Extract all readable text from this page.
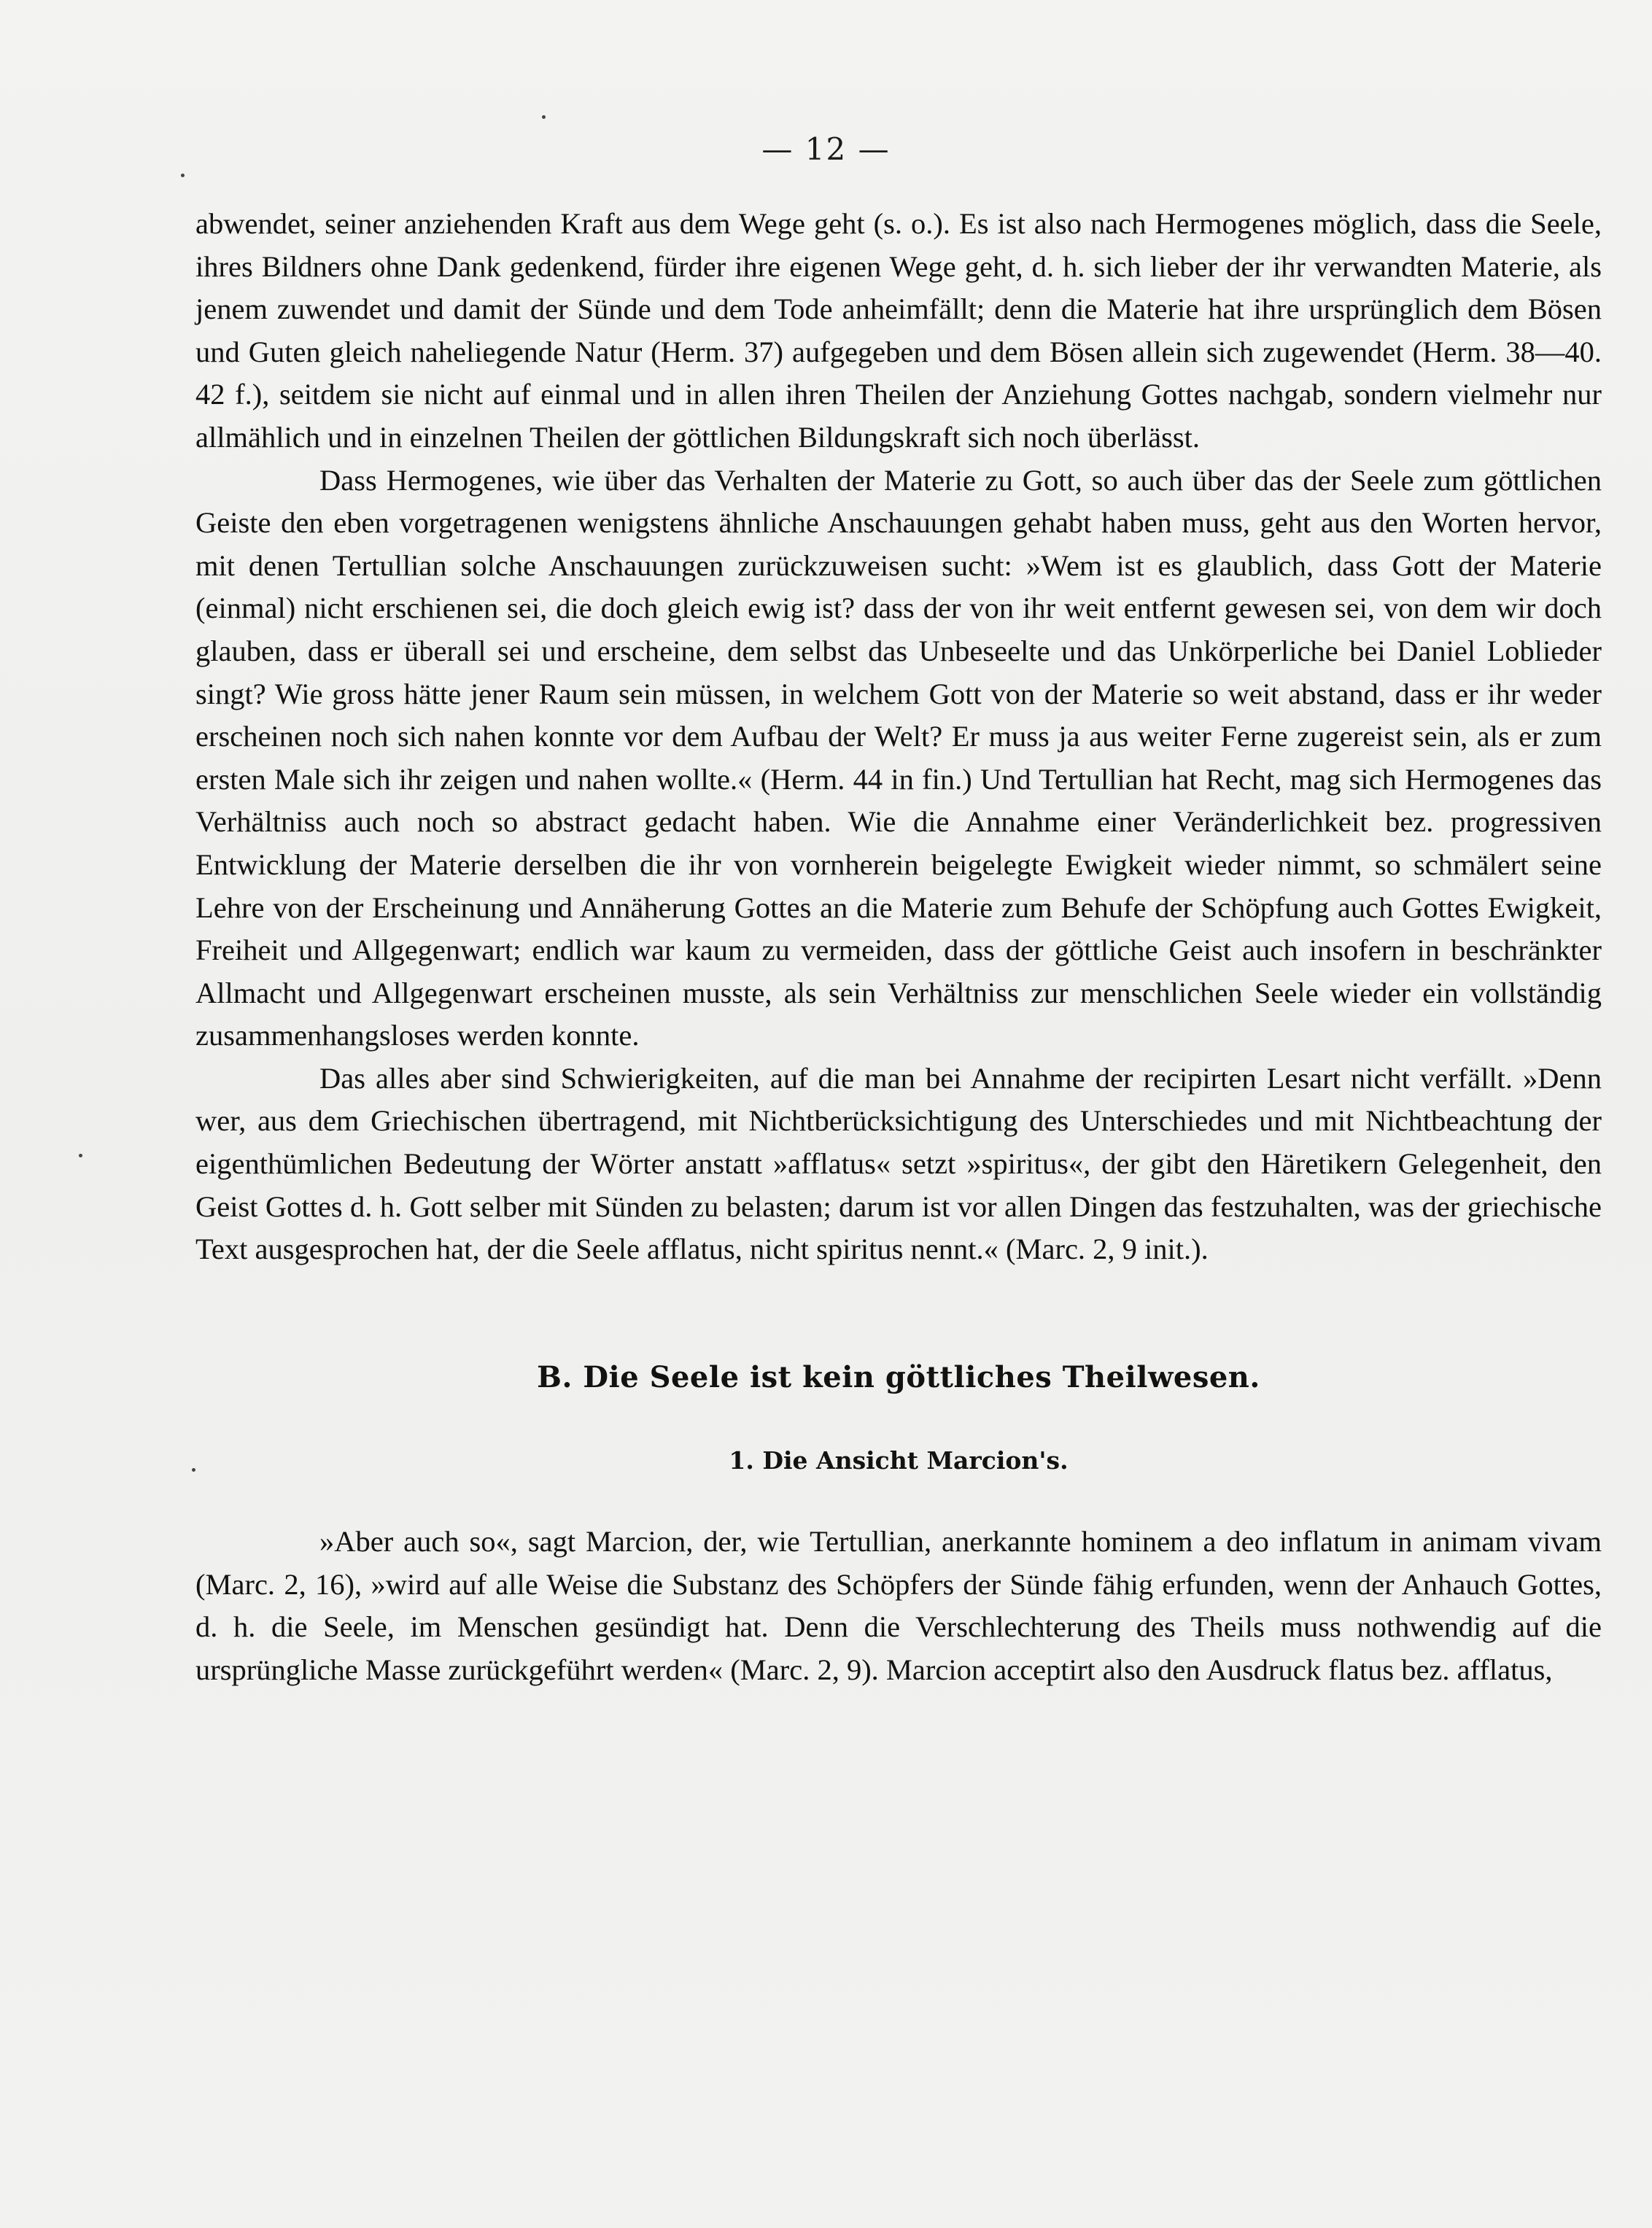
— 12 —

abwendet, seiner anziehenden Kraft aus dem Wege geht (s. o.). Es ist also nach Hermogenes möglich, dass die Seele, ihres Bildners ohne Dank gedenkend, fürder ihre eigenen Wege geht, d. h. sich lieber der ihr verwandten Materie, als jenem zuwendet und damit der Sünde und dem Tode anheimfällt; denn die Materie hat ihre ursprünglich dem Bösen und Guten gleich naheliegende Natur (Herm. 37) aufgegeben und dem Bösen allein sich zugewendet (Herm. 38—40. 42 f.), seitdem sie nicht auf einmal und in allen ihren Theilen der Anziehung Gottes nachgab, sondern vielmehr nur allmählich und in einzelnen Theilen der göttlichen Bildungskraft sich noch überlässt.

Dass Hermogenes, wie über das Verhalten der Materie zu Gott, so auch über das der Seele zum göttlichen Geiste den eben vorgetragenen wenigstens ähnliche Anschauungen gehabt haben muss, geht aus den Worten hervor, mit denen Tertullian solche Anschauungen zurückzuweisen sucht: »Wem ist es glaublich, dass Gott der Materie (einmal) nicht erschienen sei, die doch gleich ewig ist? dass der von ihr weit entfernt gewesen sei, von dem wir doch glauben, dass er überall sei und erscheine, dem selbst das Unbeseelte und das Unkörperliche bei Daniel Loblieder singt? Wie gross hätte jener Raum sein müssen, in welchem Gott von der Materie so weit abstand, dass er ihr weder erscheinen noch sich nahen konnte vor dem Aufbau der Welt? Er muss ja aus weiter Ferne zugereist sein, als er zum ersten Male sich ihr zeigen und nahen wollte.« (Herm. 44 in fin.) Und Tertullian hat Recht, mag sich Hermogenes das Verhältniss auch noch so abstract gedacht haben. Wie die Annahme einer Veränderlichkeit bez. progressiven Entwicklung der Materie derselben die ihr von vornherein beigelegte Ewigkeit wieder nimmt, so schmälert seine Lehre von der Erscheinung und Annäherung Gottes an die Materie zum Behufe der Schöpfung auch Gottes Ewigkeit, Freiheit und Allgegenwart; endlich war kaum zu vermeiden, dass der göttliche Geist auch insofern in beschränkter Allmacht und Allgegenwart erscheinen musste, als sein Verhältniss zur menschlichen Seele wieder ein vollständig zusammenhangsloses werden konnte.

Das alles aber sind Schwierigkeiten, auf die man bei Annahme der recipirten Lesart nicht verfällt. »Denn wer, aus dem Griechischen übertragend, mit Nichtberücksichtigung des Unterschiedes und mit Nichtbeachtung der eigenthümlichen Bedeutung der Wörter anstatt »afflatus« setzt »spiritus«, der gibt den Häretikern Gelegenheit, den Geist Gottes d. h. Gott selber mit Sünden zu belasten; darum ist vor allen Dingen das festzuhalten, was der griechische Text ausgesprochen hat, der die Seele afflatus, nicht spiritus nennt.« (Marc. 2, 9 init.).

B. Die Seele ist kein göttliches Theilwesen.
1. Die Ansicht Marcion's.

»Aber auch so«, sagt Marcion, der, wie Tertullian, anerkannte hominem a deo inflatum in animam vivam (Marc. 2, 16), »wird auf alle Weise die Substanz des Schöpfers der Sünde fähig erfunden, wenn der Anhauch Gottes, d. h. die Seele, im Menschen gesündigt hat. Denn die Verschlechterung des Theils muss nothwendig auf die ursprüngliche Masse zurückgeführt werden« (Marc. 2, 9). Marcion acceptirt also den Ausdruck flatus bez. afflatus,
